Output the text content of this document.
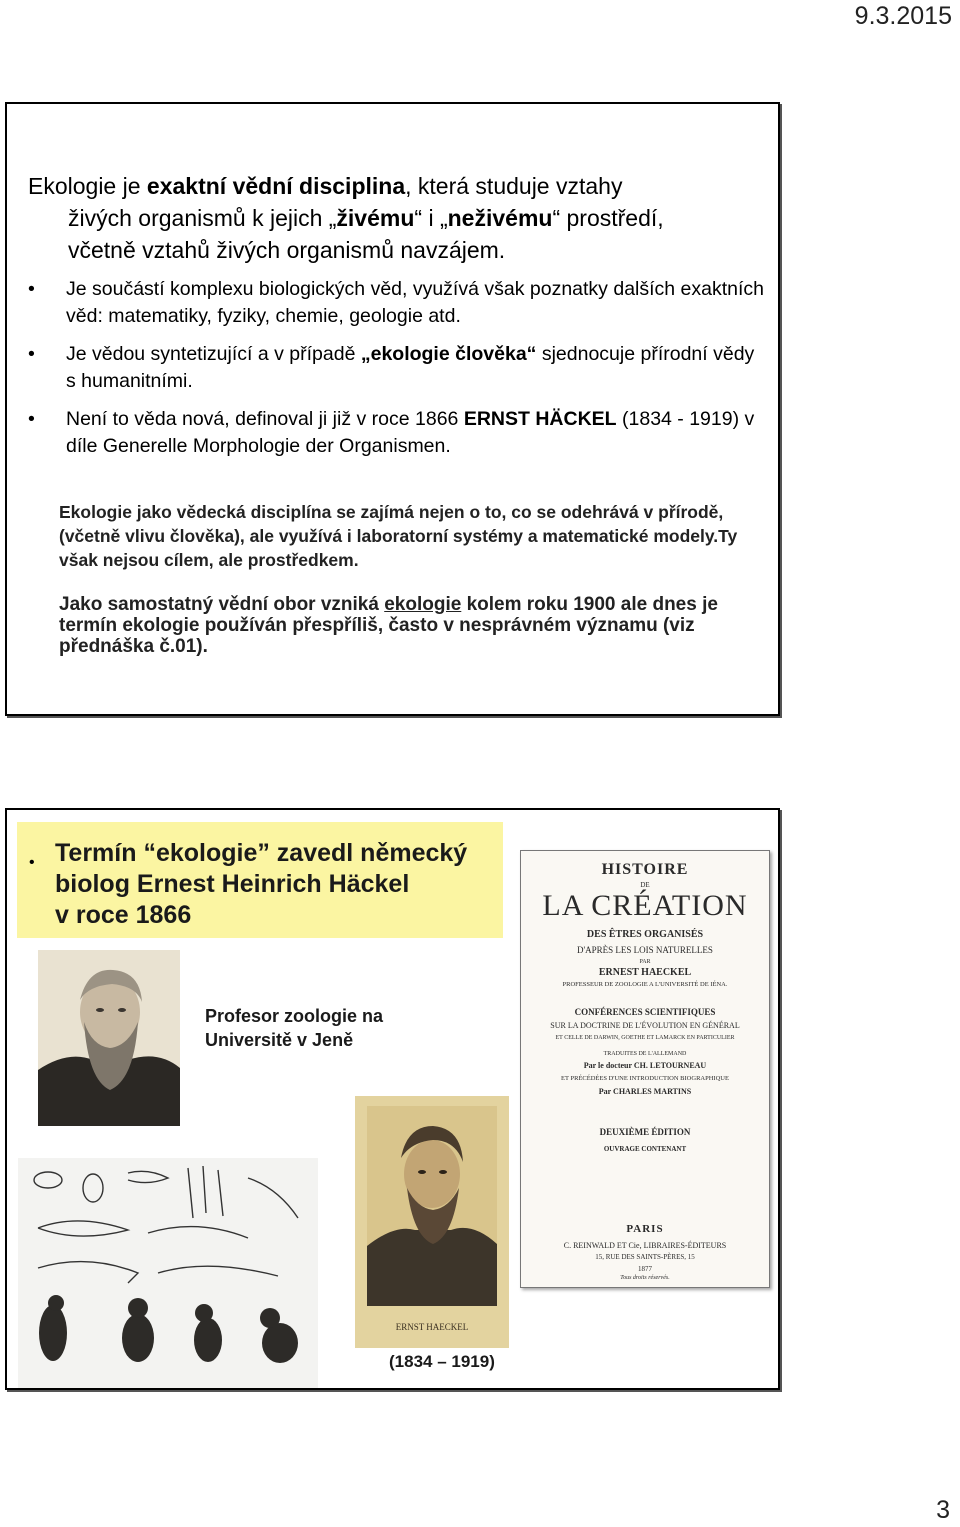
9.3.2015
Ekologie je exaktní vědní disciplina, která studuje vztahy
živých organismů k jejich „živému“ i „neživému“ prostředí,
včetně vztahů živých organismů navzájem.
•	Je součástí komplexu biologických věd, využívá však poznatky dalších exaktních věd: matematiky, fyziky, chemie, geologie atd.
•	Je vědou syntetizující a v případě „ekologie člověka“ sjednocuje přírodní vědy s humanitními.
•	Není to věda nová, definoval ji již v roce 1866 ERNST HÄCKEL (1834 - 1919) v díle Generelle Morphologie der Organismen.
Ekologie jako vědecká disciplína se zajímá nejen o to, co se odehrává v přírodě, (včetně vlivu člověka), ale využívá i laboratorní systémy a matematické modely.Ty však nejsou cílem, ale prostředkem.
Jako samostatný vědní obor vzniká ekologie kolem roku 1900 ale dnes je termín ekologie používán přespříliš, často v nesprávném významu (viz přednáška č.01).
• Termín “ekologie” zavedl německý
biolog Ernest Heinrich Häckel
v roce 1866
Profesor zoologie na
Universitě v Jeně
ERNST HAECKEL
(1834 – 1919)
HISTOIRE
DE
LA CRÉATION
DES ÊTRES ORGANISÉS
D'APRÈS LES LOIS NATURELLES
PAR
ERNEST HAECKEL
PROFESSEUR DE ZOOLOGIE A L'UNIVERSITÉ DE IÉNA.
CONFÉRENCES SCIENTIFIQUES
SUR LA DOCTRINE DE L'ÉVOLUTION EN GÉNÉRAL
ET CELLE DE DARWIN, GOETHE ET LAMARCK EN PARTICULIER
TRADUITES DE L'ALLEMAND
Par le docteur CH. LETOURNEAU
ET PRÉCÉDÉES D'UNE INTRODUCTION BIOGRAPHIQUE
Par CHARLES MARTINS
DEUXIÈME ÉDITION
OUVRAGE CONTENANT
PARIS
C. REINWALD ET Cie, LIBRAIRES-ÉDITEURS
15, RUE DES SAINTS-PÈRES, 15
1877
Tous droits réservés.
3
